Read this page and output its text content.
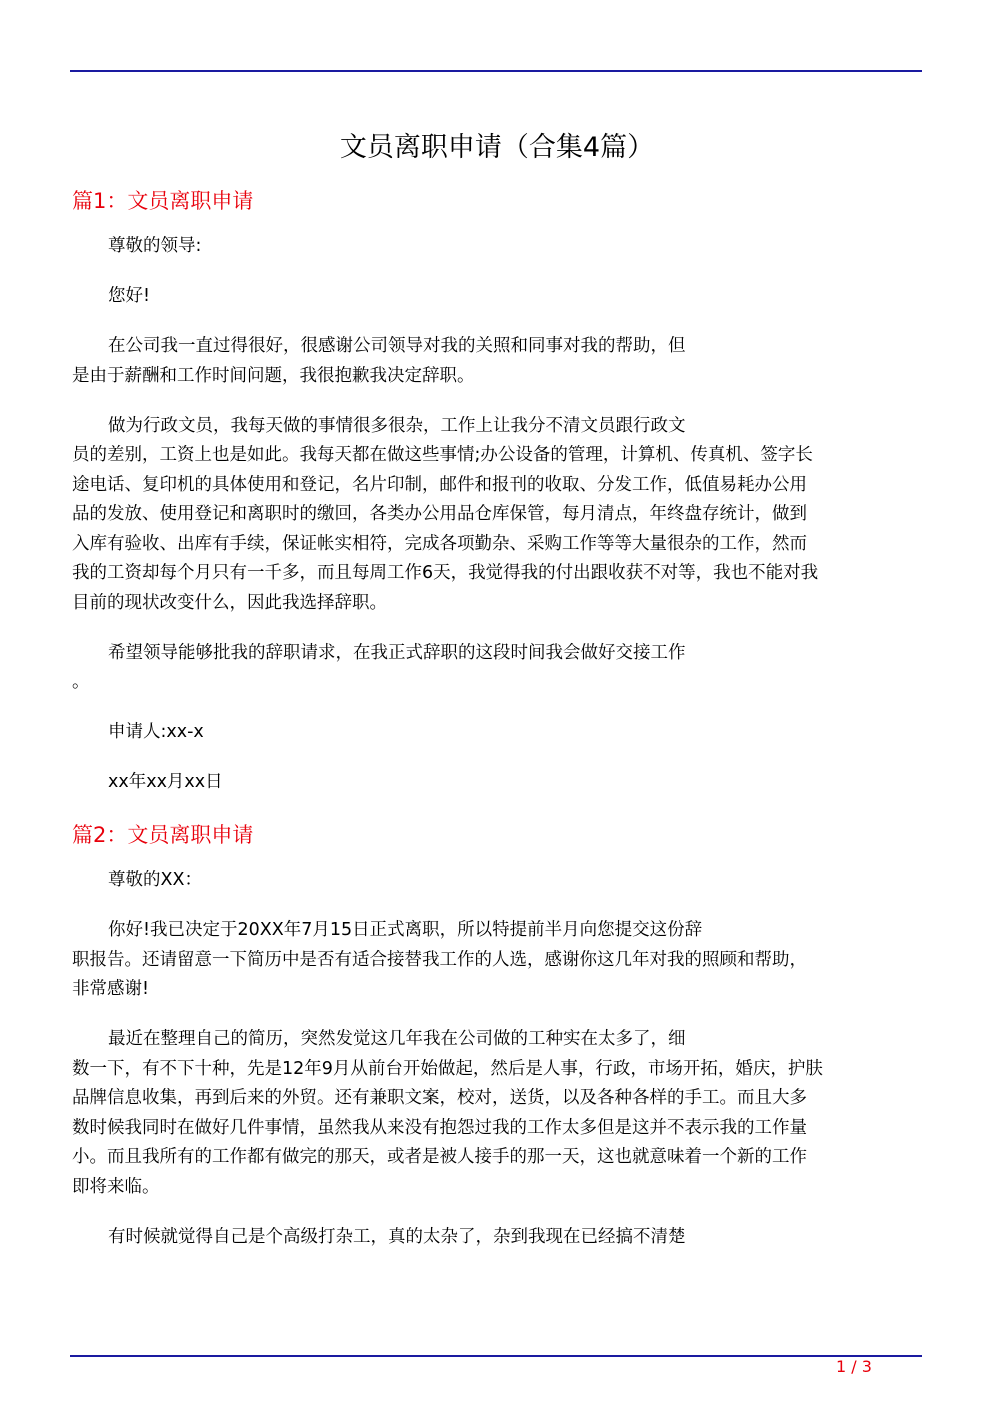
文员离职申请（合集4篇）
篇1：文员离职申请
尊敬的领导:
您好!
在公司我一直过得很好，很感谢公司领导对我的关照和同事对我的帮助，但
是由于薪酬和工作时间问题，我很抱歉我决定辞职。
做为行政文员，我每天做的事情很多很杂，工作上让我分不清文员跟行政文
员的差别，工资上也是如此。我每天都在做这些事情;办公设备的管理，计算机、传真机、签字长
途电话、复印机的具体使用和登记，名片印制，邮件和报刊的收取、分发工作，低值易耗办公用
品的发放、使用登记和离职时的缴回，各类办公用品仓库保管，每月清点，年终盘存统计，做到
入库有验收、出库有手续，保证帐实相符，完成各项勤杂、采购工作等等大量很杂的工作，然而
我的工资却每个月只有一千多，而且每周工作6天，我觉得我的付出跟收获不对等，我也不能对我
目前的现状改变什么，因此我选择辞职。
希望领导能够批我的辞职请求，在我正式辞职的这段时间我会做好交接工作
。
申请人:xx-x
xx年xx月xx日
篇2：文员离职申请
尊敬的XX：
你好!我已决定于20XX年7月15日正式离职，所以特提前半月向您提交这份辞
职报告。还请留意一下简历中是否有适合接替我工作的人选，感谢你这几年对我的照顾和帮助，
非常感谢!
最近在整理自己的简历，突然发觉这几年我在公司做的工种实在太多了，细
数一下，有不下十种，先是12年9月从前台开始做起，然后是人事，行政，市场开拓，婚庆，护肤
品牌信息收集，再到后来的外贸。还有兼职文案，校对，送货，以及各种各样的手工。而且大多
数时候我同时在做好几件事情，虽然我从来没有抱怨过我的工作太多但是这并不表示我的工作量
小。而且我所有的工作都有做完的那天，或者是被人接手的那一天，这也就意味着一个新的工作
即将来临。
有时候就觉得自己是个高级打杂工，真的太杂了，杂到我现在已经搞不清楚
1 / 3
